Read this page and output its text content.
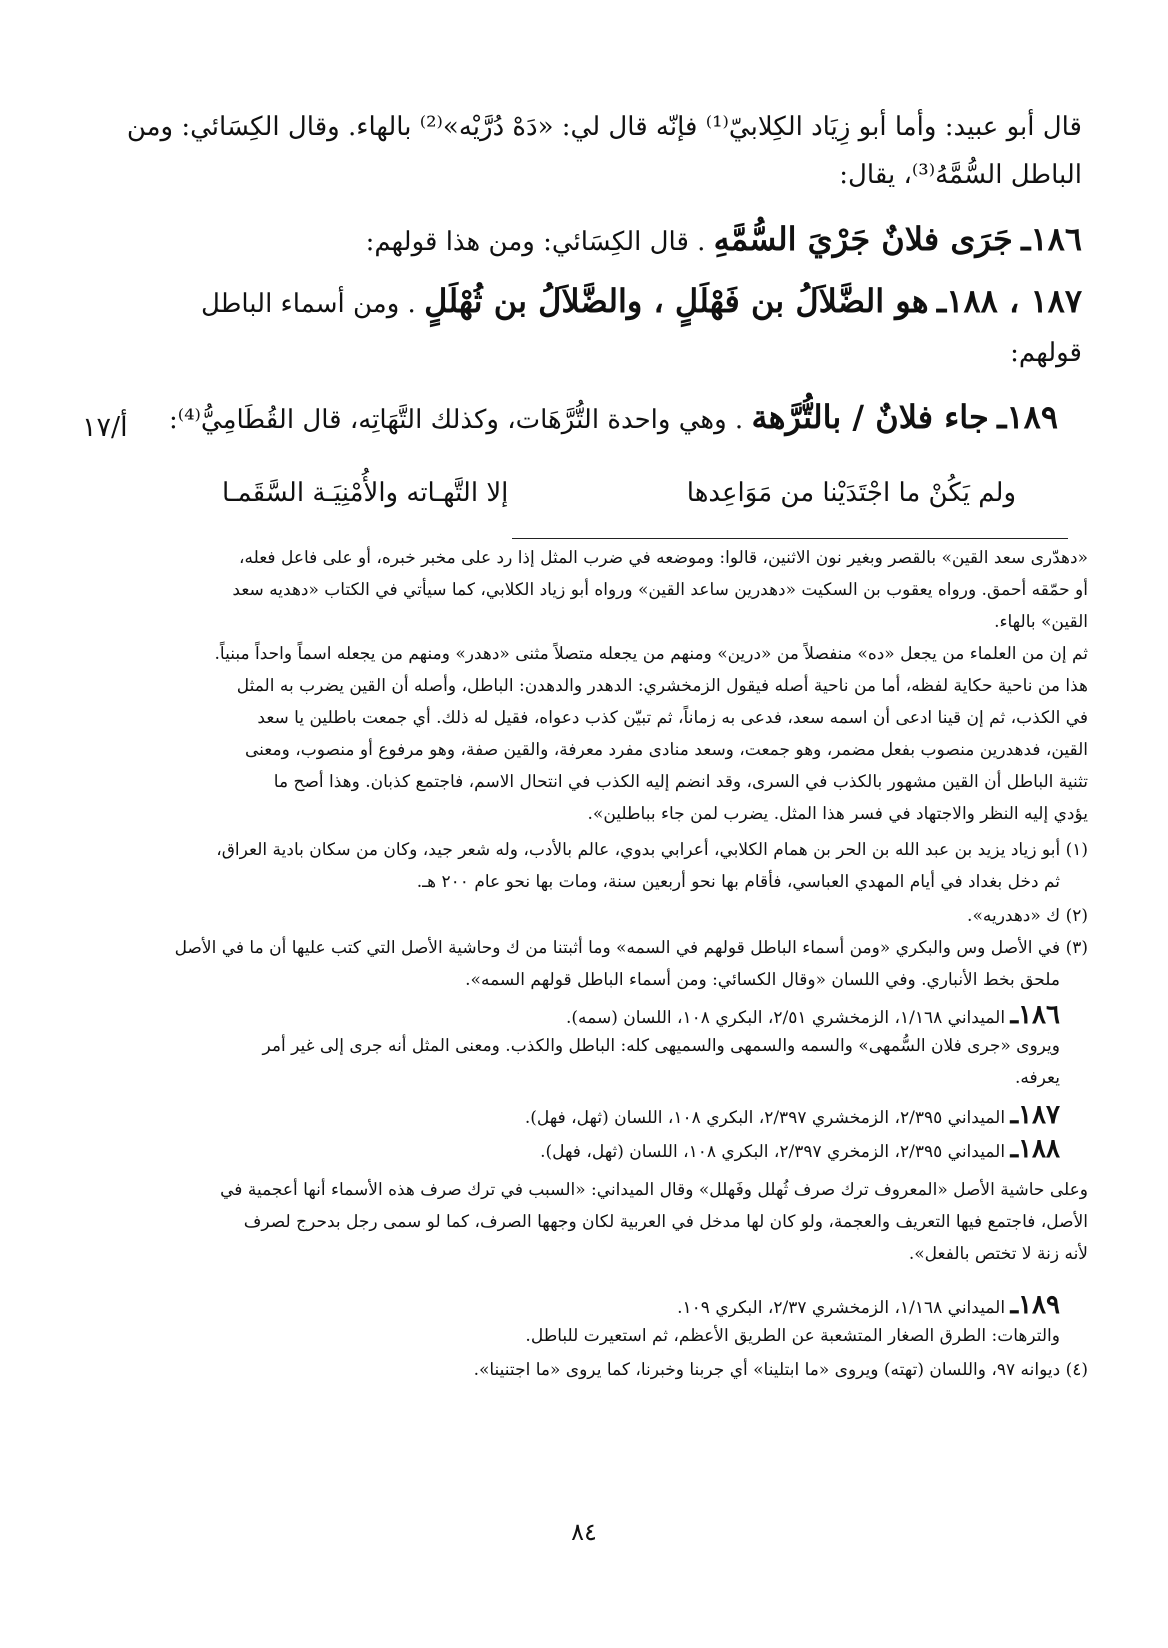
قال أبو عبيد: وأما أبو زِيَاد الكِلابيّ⁽¹⁾ فإنّه قال لي: «دَهْ دُرَّيْه»⁽²⁾ بالهاء. وقال الكِسَائي: ومن
الباطل السُّمَّهُ⁽³⁾، يقال:
١٨٦ـ جَرَى فلانٌ جَرْيَ السُّمَّهِ . قال الكِسَائي: ومن هذا قولهم:
١٨٧ ، ١٨٨ـ هو الضَّلاَلُ بن فَهْلَلٍ ، والضَّلاَلُ بن ثُهْلَلٍ . ومن أسماء الباطل
قولهم:
أ/١٧	١٨٩ـ جاء فلانٌ / بالتُّرَّهة . وهي واحدة التُّرَّهَات، وكذلك التَّهَاتِه، قال القُطَامِيُّ⁽⁴⁾:
ولم يَكُنْ ما اجْتَدَيْنا من مَوَاعِدها
إلا التَّهـاته والأُمْنِيَـة السَّقَمـا
«دهدّرى سعد القين» بالقصر وبغير نون الاثنين، قالوا: وموضعه في ضرب المثل إذا رد على مخبر خبره، أو على فاعل فعله،
أو حمّقه أحمق. ورواه يعقوب بن السكيت «دهدرين ساعد القين» ورواه أبو زياد الكلابي، كما سيأتي في الكتاب «دهديه سعد
القين» بالهاء.
ثم إن من العلماء من يجعل «ده» منفصلاً من «درين» ومنهم من يجعله متصلاً مثنى «دهدر» ومنهم من يجعله اسماً واحداً مبنياً.
هذا من ناحية حكاية لفظه، أما من ناحية أصله فيقول الزمخشري: الدهدر والدهدن: الباطل، وأصله أن القين يضرب به المثل
في الكذب، ثم إن قينا ادعى أن اسمه سعد، فدعى به زماناً، ثم تبيّن كذب دعواه، فقيل له ذلك. أي جمعت باطلين يا سعد
القين، فدهدرين منصوب بفعل مضمر، وهو جمعت، وسعد منادى مفرد معرفة، والقين صفة، وهو مرفوع أو منصوب، ومعنى
تثنية الباطل أن القين مشهور بالكذب في السرى، وقد انضم إليه الكذب في انتحال الاسم، فاجتمع كذبان. وهذا أصح ما
يؤدي إليه النظر والاجتهاد في فسر هذا المثل. يضرب لمن جاء بباطلين».
(١) أبو زياد يزيد بن عبد الله بن الحر بن همام الكلابي، أعرابي بدوي، عالم بالأدب، وله شعر جيد، وكان من سكان بادية العراق،
ثم دخل بغداد في أيام المهدي العباسي، فأقام بها نحو أربعين سنة، ومات بها نحو عام ٢٠٠ هـ.
(٢) ك «دهدريه».
(٣) في الأصل وس والبكري «ومن أسماء الباطل قولهم في السمه» وما أثبتنا من ك وحاشية الأصل التي كتب عليها أن ما في الأصل
ملحق بخط الأنباري. وفي اللسان «وقال الكسائي: ومن أسماء الباطل قولهم السمه».
١٨٦ـ الميداني ١/١٦٨، الزمخشري ٢/٥١، البكري ١٠٨، اللسان (سمه).
ويروى «جرى فلان السُّمهى» والسمه والسمهى والسميهى كله: الباطل والكذب. ومعنى المثل أنه جرى إلى غير أمر
يعرفه.
١٨٧ـ الميداني ٢/٣٩٥، الزمخشري ٢/٣٩٧، البكري ١٠٨، اللسان (ثهل، فهل).
١٨٨ـ الميداني ٢/٣٩٥، الزمخري ٢/٣٩٧، البكري ١٠٨، اللسان (ثهل، فهل).
وعلى حاشية الأصل «المعروف ترك صرف ثُهلل وفَهلل» وقال الميداني: «السبب في ترك صرف هذه الأسماء أنها أعجمية في
الأصل، فاجتمع فيها التعريف والعجمة، ولو كان لها مدخل في العربية لكان وجهها الصرف، كما لو سمى رجل بدحرج لصرف
لأنه زنة لا تختص بالفعل».
١٨٩ـ الميداني ١/١٦٨، الزمخشري ٢/٣٧، البكري ١٠٩.
والترهات: الطرق الصغار المتشعبة عن الطريق الأعظم، ثم استعيرت للباطل.
(٤) ديوانه ٩٧، واللسان (تهته) ويروى «ما ابتلينا» أي جربنا وخبرنا، كما يروى «ما اجتنينا».
٨٤
